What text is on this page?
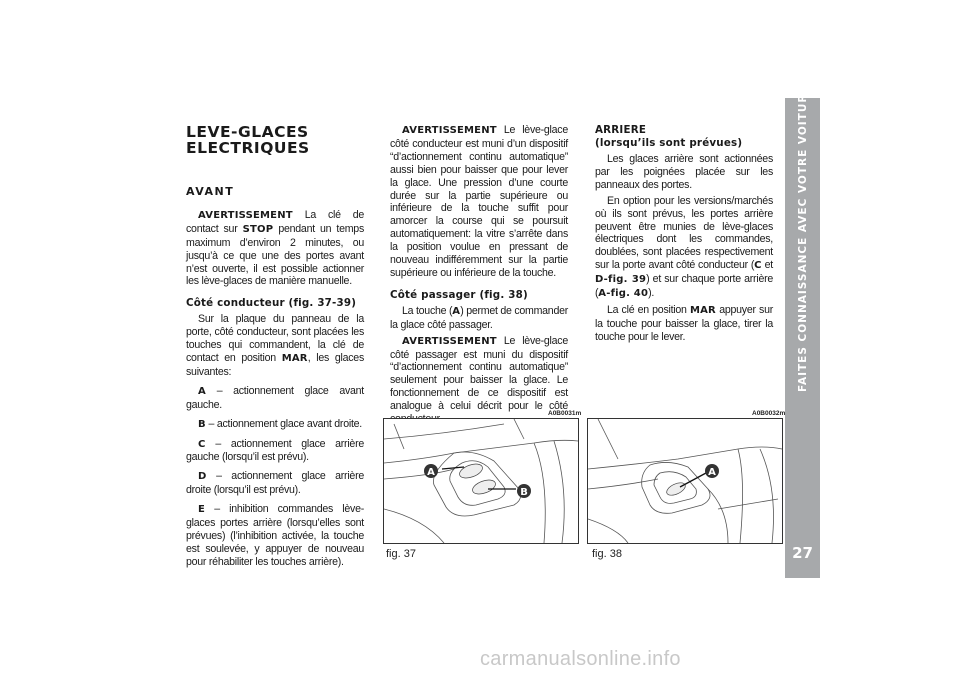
LEVE-GLACES
ELECTRIQUES
AVANT

AVERTISSEMENT La clé de contact sur STOP pendant un temps maximum d’environ 2 minutes, ou jusqu’à ce que une des portes avant n’est ouverte, il est possible actionner les lève-glaces de manière manuelle.

Côté conducteur (fig. 37-39)

Sur la plaque du panneau de la porte, côté conducteur, sont placées les touches qui commandent, la clé de contact en position MAR, les glaces suivantes:

A – actionnement glace avant gauche.

B – actionnement glace avant droite.

C – actionnement glace arrière gauche (lorsqu’il est prévu).

D – actionnement glace arrière droite (lorsqu’il est prévu).

E – inhibition commandes lève-glaces portes arrière (lorsqu’elles sont prévues) (l’inhibition activée, la touche est soulevée, y appuyer de nouveau pour réhabiliter les touches arrière).

AVERTISSEMENT Le lève-glace côté conducteur est muni d’un dispositif “d’actionnement continu automatique” aussi bien pour baisser que pour lever la glace. Une pression d’une courte durée sur la partie supérieure ou inférieure de la touche suffit pour amorcer la course qui se poursuit automatiquement: la vitre s’arrête dans la position voulue en pressant de nouveau indifféremment sur la partie supérieure ou inférieure de la touche.

Côté passager (fig. 38)

La touche (A) permet de commander la glace côté passager.

AVERTISSEMENT Le lève-glace côté passager est muni du dispositif “d’actionnement continu automatique” seulement pour baisser la glace. Le fonctionnement de ce dispositif est analogue à celui décrit pour le côté

ARRIERE
(lorsqu’ils sont prévues)

Les glaces arrière sont actionnées par les poignées placée sur les panneaux des portes.

En option pour les versions/marchés où ils sont prévus, les portes arrière peuvent être munies de lève-glaces électriques dont les commandes, doublées, sont placées respectivement sur la porte avant côté conducteur (C et D-fig. 39) et sur chaque porte arrière (A-fig. 40).

La clé en position MAR appuyer sur la touche pour baisser la glace, tirer la touche pour le lever.

A0B0031m
A
B
fig. 37
A0B0032m
A
fig. 38
FAITES CONNAISSANCE AVEC VOTRE VOITURE
27
carmanualsonline.info
